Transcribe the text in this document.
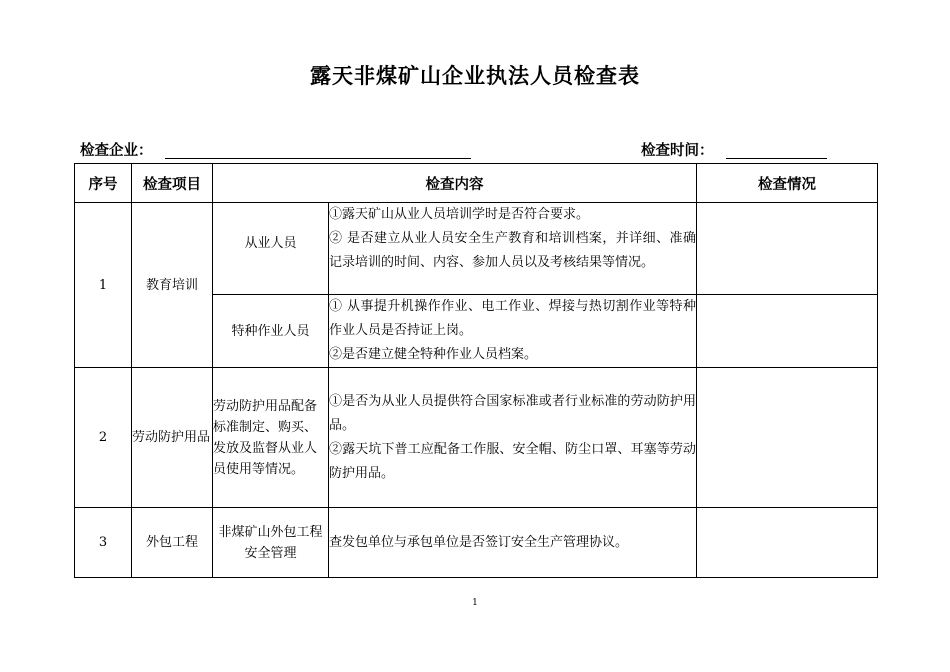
露天非煤矿山企业执法人员检查表
检查企业：	检查时间：
序号	检查项目	检查内容		检查情况
1	教育培训	从业人员	①露天矿山从业人员培训学时是否符合要求。
② 是否建立从业人员安全生产教育和培训档案，并详细、准确记录培训的时间、内容、参加人员以及考核结果等情况。	

		特种作业人员	① 从事提升机操作作业、电工作业、焊接与热切割作业等特种作业人员是否持证上岗。
②是否建立健全特种作业人员档案。	

2	劳动防护用品	劳动防护用品配备标准制定、购买、发放及监督从业人员使用等情况。	①是否为从业人员提供符合国家标准或者行业标准的劳动防护用品。
②露天坑下普工应配备工作服、安全帽、防尘口罩、耳塞等劳动防护用品。	

3	外包工程	非煤矿山外包工程安全管理	查发包单位与承包单位是否签订安全生产管理协议。	

1
